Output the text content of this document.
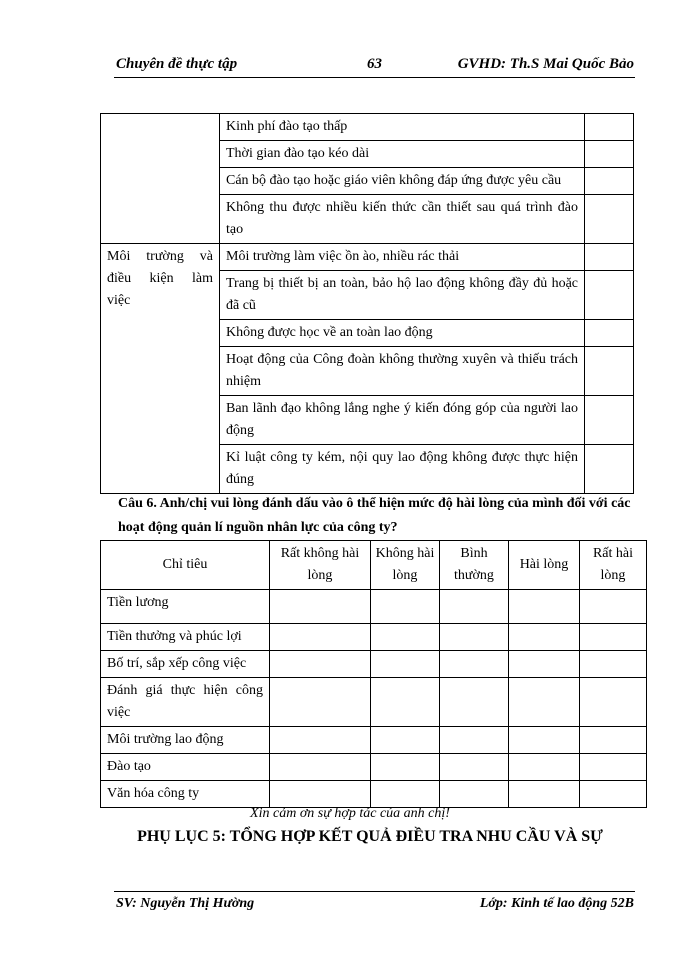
Chuyên đề thực tập	63	GVHD: Th.S Mai Quốc Bảo
	Kinh phí đào tạo thấp	
	Thời gian đào tạo kéo dài	
	Cán bộ đào tạo hoặc giáo viên không đáp ứng được yêu cầu	
	Không thu được nhiều kiến thức cần thiết sau quá trình đào tạo	
Môi trường và điều kiện làm việc	Môi trường làm việc ồn ào, nhiều rác thải	
	Trang bị thiết bị an toàn, bảo hộ lao động không đầy đủ hoặc đã cũ	
	Không được học về an toàn lao động	
	Hoạt động của Công đoàn không thường xuyên và thiếu trách nhiệm	
	Ban lãnh đạo không lắng nghe ý kiến đóng góp của người lao động	
	Kỉ luật công ty kém, nội quy lao động không được thực hiện đúng	
Câu 6. Anh/chị vui lòng đánh dấu vào ô thể hiện mức độ hài lòng của mình đối với các hoạt động quản lí nguồn nhân lực của công ty?
Chỉ tiêu	Rất không hài lòng	Không hài lòng	Bình thường	Hài lòng	Rất hài lòng
Tiền lương					
Tiền thưởng và phúc lợi					
Bố trí, sắp xếp công việc					
Đánh giá thực hiện công việc					
Môi trường lao động					
Đào tạo					
Văn hóa công ty					
Xin cảm ơn sự hợp tác của anh chị!
PHỤ LỤC 5: TỔNG HỢP KẾT QUẢ ĐIỀU TRA NHU CẦU VÀ SỰ
SV: Nguyễn Thị Hường	Lớp: Kinh tế lao động 52B
